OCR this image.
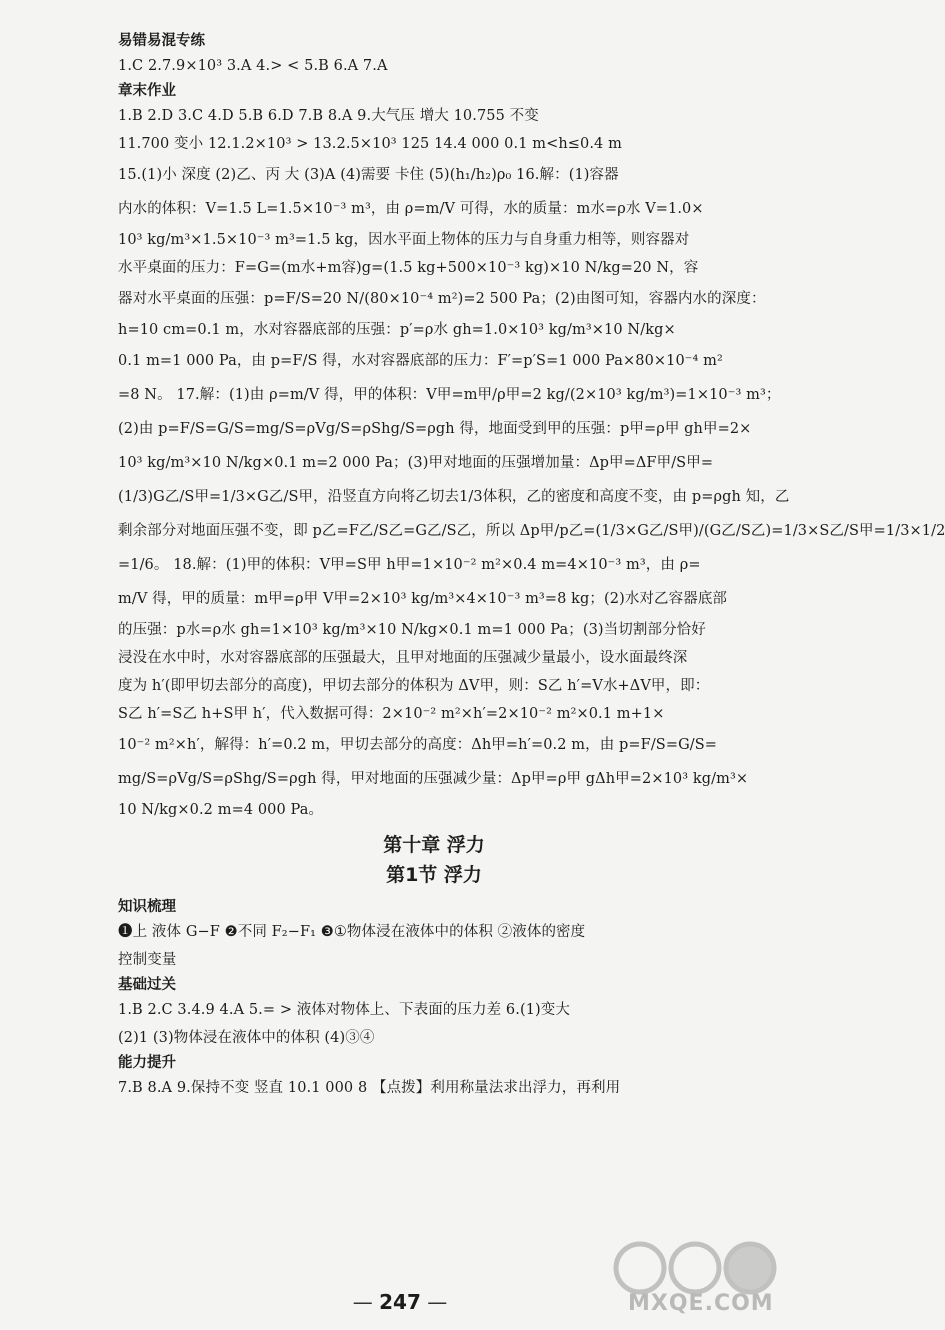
易错易混专练
1.C 2.7.9×10³ 3.A 4.> < 5.B 6.A 7.A
章末作业
1.B 2.D 3.C 4.D 5.B 6.D 7.B 8.A 9.大气压 增大 10.755 不变
11.700 变小 12.1.2×10³ > 13.2.5×10³ 125 14.4 000 0.1 m<h≤0.4 m
15.(1)小 深度 (2)乙、丙 大 (3)A (4)需要 卡住 (5)(h₁/h₂)ρ₀ 16.解：(1)容器
内水的体积：V=1.5 L=1.5×10⁻³ m³，由 ρ=m/V 可得，水的质量：m水=ρ水 V=1.0×
10³ kg/m³×1.5×10⁻³ m³=1.5 kg，因水平面上物体的压力与自身重力相等，则容器对
水平桌面的压力：F=G=(m水+m容)g=(1.5 kg+500×10⁻³ kg)×10 N/kg=20 N，容
器对水平桌面的压强：p=F/S=20 N/(80×10⁻⁴ m²)=2 500 Pa；(2)由图可知，容器内水的深度：
h=10 cm=0.1 m，水对容器底部的压强：p′=ρ水 gh=1.0×10³ kg/m³×10 N/kg×
0.1 m=1 000 Pa，由 p=F/S 得，水对容器底部的压力：F′=p′S=1 000 Pa×80×10⁻⁴ m²
=8 N。 17.解：(1)由 ρ=m/V 得，甲的体积：V甲=m甲/ρ甲=2 kg/(2×10³ kg/m³)=1×10⁻³ m³；
(2)由 p=F/S=G/S=mg/S=ρVg/S=ρShg/S=ρgh 得，地面受到甲的压强：p甲=ρ甲 gh甲=2×
10³ kg/m³×10 N/kg×0.1 m=2 000 Pa；(3)甲对地面的压强增加量：Δp甲=ΔF甲/S甲=
(1/3)G乙/S甲=1/3×G乙/S甲，沿竖直方向将乙切去1/3体积，乙的密度和高度不变，由 p=ρgh 知，乙
剩余部分对地面压强不变，即 p乙=F乙/S乙=G乙/S乙，所以 Δp甲/p乙=(1/3×G乙/S甲)/(G乙/S乙)=1/3×S乙/S甲=1/3×1/2
=1/6。 18.解：(1)甲的体积：V甲=S甲 h甲=1×10⁻² m²×0.4 m=4×10⁻³ m³，由 ρ=
m/V 得，甲的质量：m甲=ρ甲 V甲=2×10³ kg/m³×4×10⁻³ m³=8 kg；(2)水对乙容器底部
的压强：p水=ρ水 gh=1×10³ kg/m³×10 N/kg×0.1 m=1 000 Pa；(3)当切割部分恰好
浸没在水中时，水对容器底部的压强最大，且甲对地面的压强减少量最小，设水面最终深
度为 h′(即甲切去部分的高度)，甲切去部分的体积为 ΔV甲，则：S乙 h′=V水+ΔV甲，即：
S乙 h′=S乙 h+S甲 h′，代入数据可得：2×10⁻² m²×h′=2×10⁻² m²×0.1 m+1×
10⁻² m²×h′，解得：h′=0.2 m，甲切去部分的高度：Δh甲=h′=0.2 m，由 p=F/S=G/S=
mg/S=ρVg/S=ρShg/S=ρgh 得，甲对地面的压强减少量：Δp甲=ρ甲 gΔh甲=2×10³ kg/m³×
10 N/kg×0.2 m=4 000 Pa。
第十章 浮力
第1节 浮力
知识梳理
❶上 液体 G−F ❷不同 F₂−F₁ ❸①物体浸在液体中的体积 ②液体的密度
控制变量
基础过关
1.B 2.C 3.4.9 4.A 5.= > 液体对物体上、下表面的压力差 6.(1)变大
(2)1 (3)物体浸在液体中的体积 (4)③④
能力提升
7.B 8.A 9.保持不变 竖直 10.1 000 8 【点拨】利用称量法求出浮力，再利用
— 247 —	MXQE.COM
